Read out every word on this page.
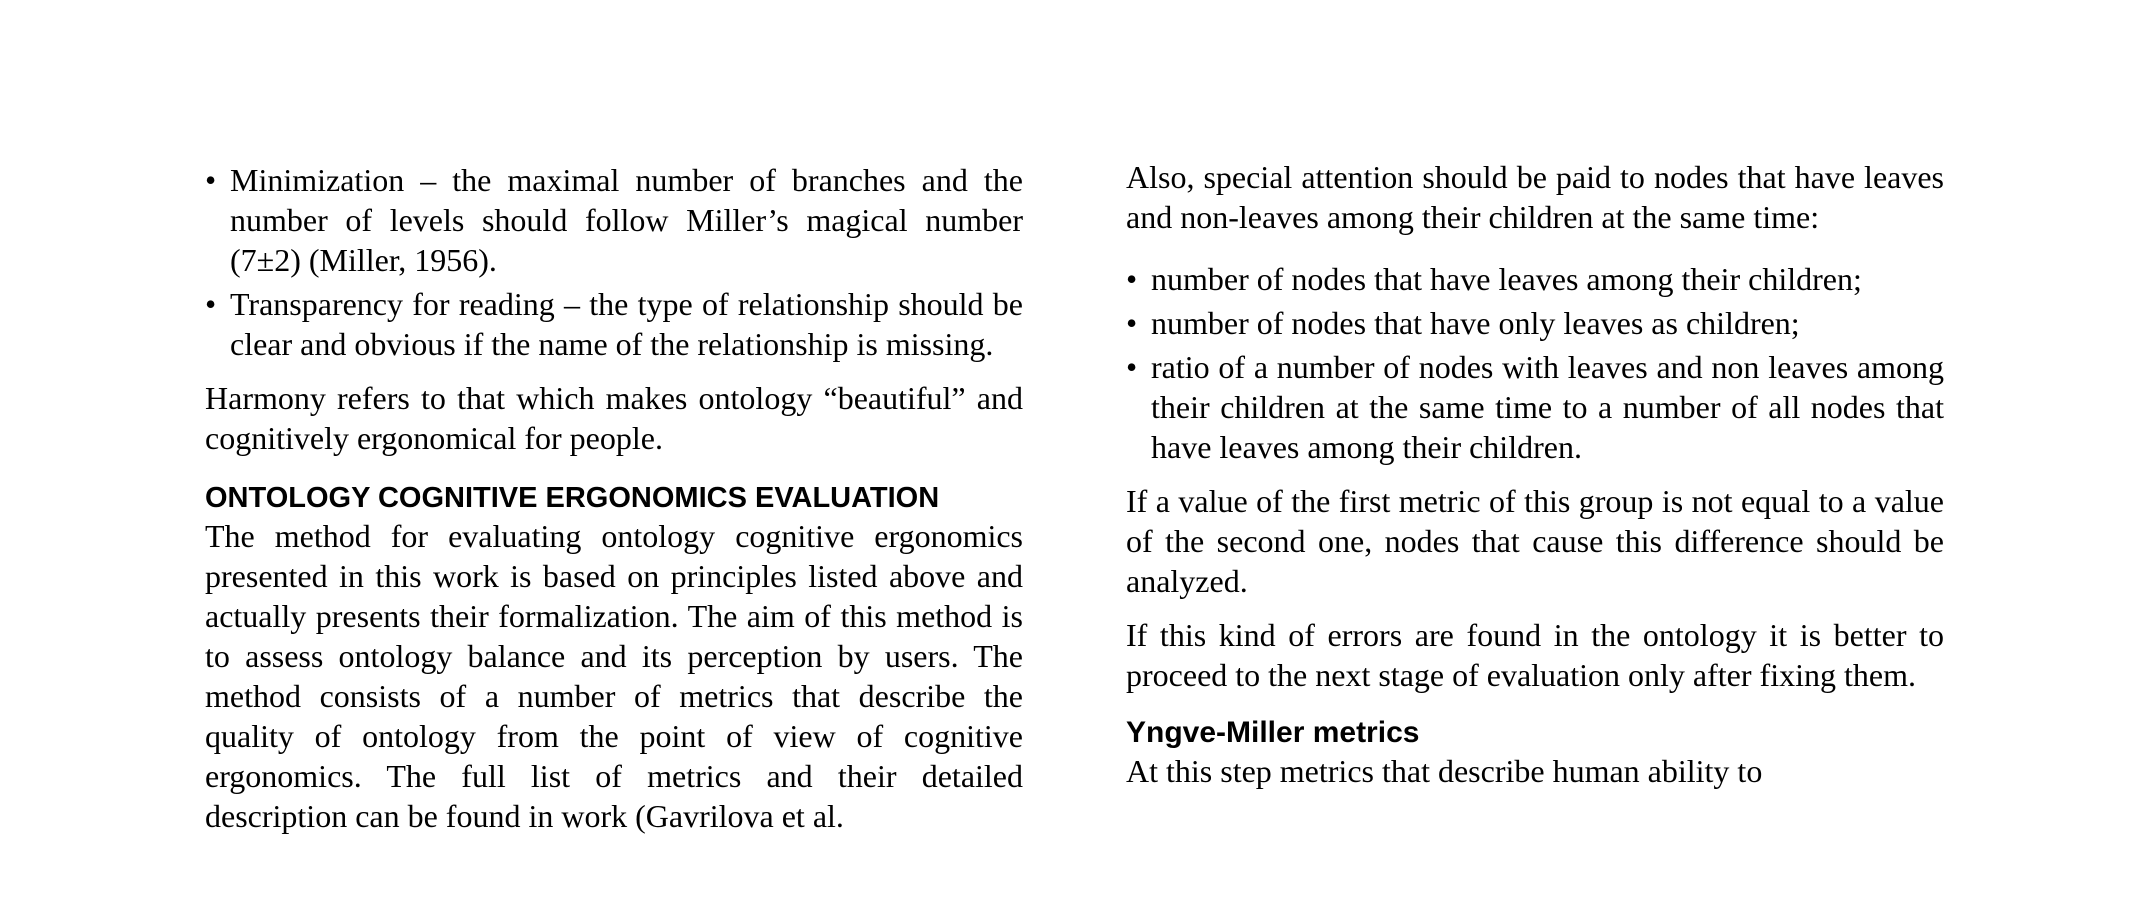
• Minimization – the maximal number of branches and the number of levels should follow Miller’s magical number (7±2) (Miller, 1956).
• Transparency for reading – the type of relationship should be clear and obvious if the name of the relationship is missing.

Harmony refers to that which makes ontology “beautiful” and cognitively ergonomical for people.

ONTOLOGY COGNITIVE ERGONOMICS EVALUATION

The method for evaluating ontology cognitive ergonomics presented in this work is based on principles listed above and actually presents their formalization. The aim of this method is to assess ontology balance and its perception by users. The method consists of a number of metrics that describe the quality of ontology from the point of view of cognitive ergonomics. The full list of metrics and their detailed description can be found in work (Gavrilova et al.

Also, special attention should be paid to nodes that have leaves and non-leaves among their children at the same time:

• number of nodes that have leaves among their children;
• number of nodes that have only leaves as children;
• ratio of a number of nodes with leaves and non leaves among their children at the same time to a number of all nodes that have leaves among their children.

If a value of the first metric of this group is not equal to a value of the second one, nodes that cause this difference should be analyzed.

If this kind of errors are found in the ontology it is better to proceed to the next stage of evaluation only after fixing them.

Yngve-Miller metrics

At this step metrics that describe human ability to
